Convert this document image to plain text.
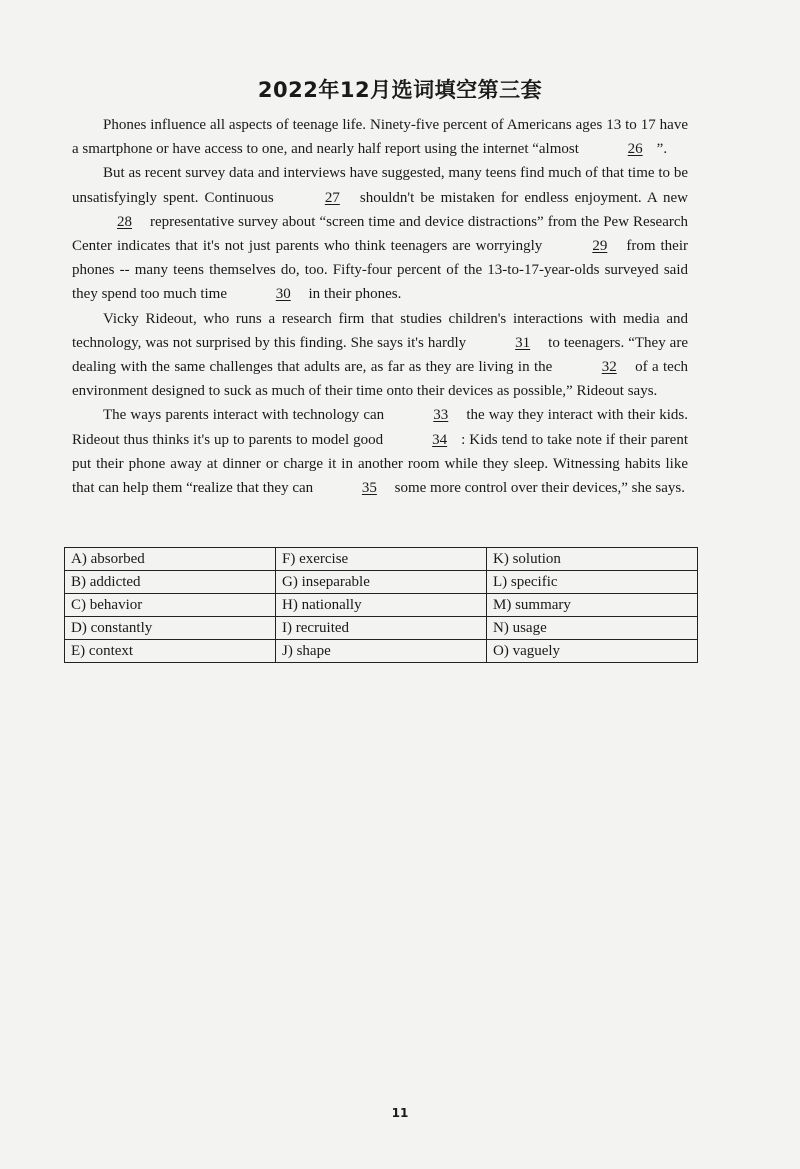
2022年12月选词填空第三套

Phones influence all aspects of teenage life. Ninety-five percent of Americans ages 13 to 17 have a smartphone or have access to one, and nearly half report using the internet “almost	26 ”.

But as recent survey data and interviews have suggested, many teens find much of that time to be unsatisfyingly spent. Continuous	27 shouldn't be mistaken for endless enjoyment. A new 28 representative survey about “screen time and device distractions” from the Pew Research Center indicates that it's not just parents who think teenagers are worryingly	29 from their phones -- many teens themselves do, too. Fifty-four percent of the 13-to-17-year-olds surveyed said they spend too much time	30 in their phones.

Vicky Rideout, who runs a research firm that studies children's interactions with media and technology, was not surprised by this finding. She says it's hardly	31 to teenagers. “They are dealing with the same challenges that adults are, as far as they are living in the	32 of a tech environment designed to suck as much of their time onto their devices as possible,” Rideout says.

The ways parents interact with technology can	33 the way they interact with their kids. Rideout thus thinks it's up to parents to model good	34 : Kids tend to take note if their parent put their phone away at dinner or charge it in another room while they sleep. Witnessing habits like that can help them “realize that they can	35 some more control over their devices,” she says.

A) absorbed	F) exercise	K) solution
B) addicted	G) inseparable	L) specific
C) behavior	H) nationally	M) summary
D) constantly	I) recruited	N) usage
E) context	J) shape	O) vaguely
11
